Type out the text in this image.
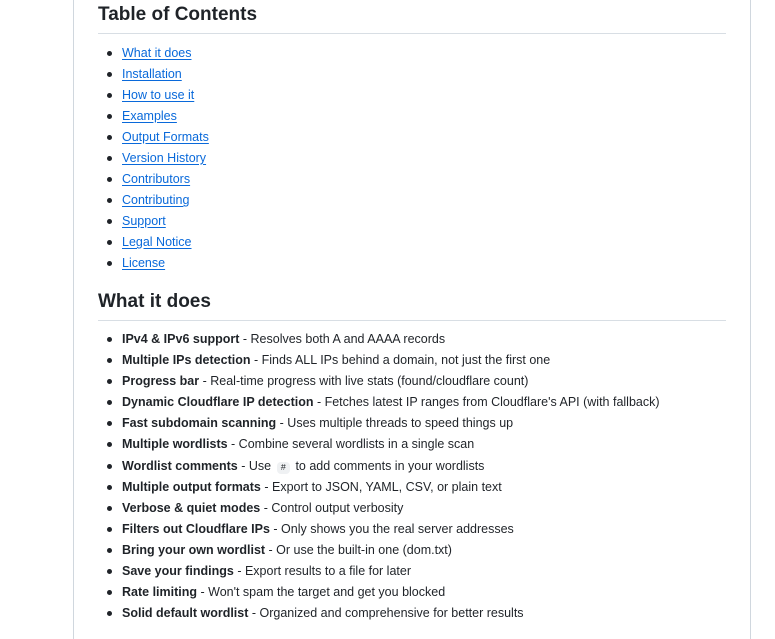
Table of Contents
What it does
Installation
How to use it
Examples
Output Formats
Version History
Contributors
Contributing
Support
Legal Notice
License
What it does
IPv4 & IPv6 support - Resolves both A and AAAA records
Multiple IPs detection - Finds ALL IPs behind a domain, not just the first one
Progress bar - Real-time progress with live stats (found/cloudflare count)
Dynamic Cloudflare IP detection - Fetches latest IP ranges from Cloudflare's API (with fallback)
Fast subdomain scanning - Uses multiple threads to speed things up
Multiple wordlists - Combine several wordlists in a single scan
Wordlist comments - Use # to add comments in your wordlists
Multiple output formats - Export to JSON, YAML, CSV, or plain text
Verbose & quiet modes - Control output verbosity
Filters out Cloudflare IPs - Only shows you the real server addresses
Bring your own wordlist - Or use the built-in one (dom.txt)
Save your findings - Export results to a file for later
Rate limiting - Won't spam the target and get you blocked
Solid default wordlist - Organized and comprehensive for better results
